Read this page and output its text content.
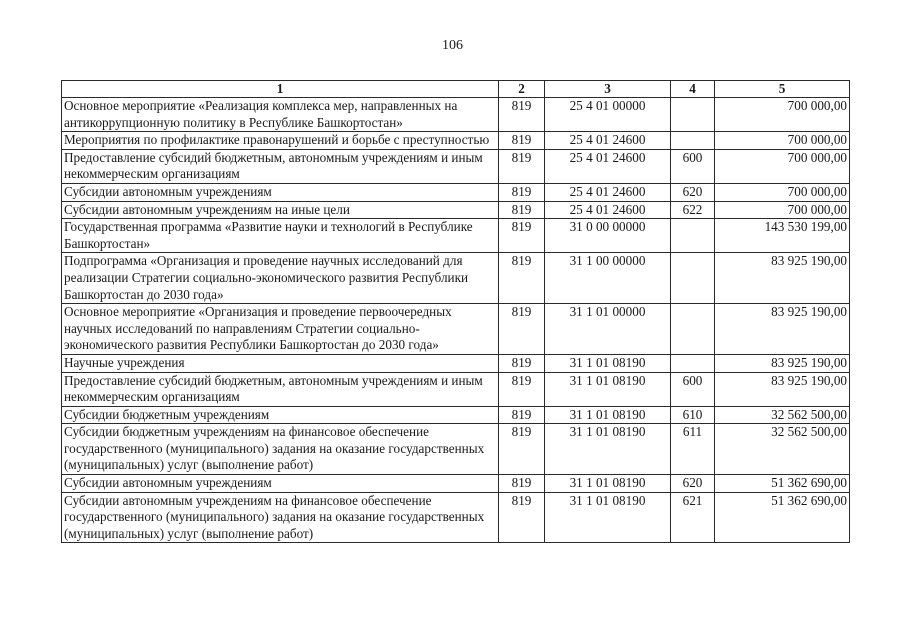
106
1	2	3	4	5
Основное мероприятие «Реализация комплекса мер, направленных на антикоррупционную политику в Республике Башкортостан»	819	25 4 01 00000		700 000,00
Мероприятия по профилактике правонарушений и борьбе с преступностью	819	25 4 01 24600		700 000,00
Предоставление субсидий бюджетным, автономным учреждениям и иным некоммерческим организациям	819	25 4 01 24600	600	700 000,00
Субсидии автономным учреждениям	819	25 4 01 24600	620	700 000,00
Субсидии автономным учреждениям на иные цели	819	25 4 01 24600	622	700 000,00
Государственная программа «Развитие науки и технологий в Республике Башкортостан»	819	31 0 00 00000		143 530 199,00
Подпрограмма «Организация и проведение научных исследований для реализации Стратегии социально-экономического развития Республики Башкортостан до 2030 года»	819	31 1 00 00000		83 925 190,00
Основное мероприятие «Организация и проведение первоочередных научных исследований по направлениям Стратегии социально-экономического развития Республики Башкортостан до 2030 года»	819	31 1 01 00000		83 925 190,00
Научные учреждения	819	31 1 01 08190		83 925 190,00
Предоставление субсидий бюджетным, автономным учреждениям и иным некоммерческим организациям	819	31 1 01 08190	600	83 925 190,00
Субсидии бюджетным учреждениям	819	31 1 01 08190	610	32 562 500,00
Субсидии бюджетным учреждениям на финансовое обеспечение государственного (муниципального) задания на оказание государственных (муниципальных) услуг (выполнение работ)	819	31 1 01 08190	611	32 562 500,00
Субсидии автономным учреждениям	819	31 1 01 08190	620	51 362 690,00
Субсидии автономным учреждениям на финансовое обеспечение государственного (муниципального) задания на оказание государственных (муниципальных) услуг (выполнение работ)	819	31 1 01 08190	621	51 362 690,00
